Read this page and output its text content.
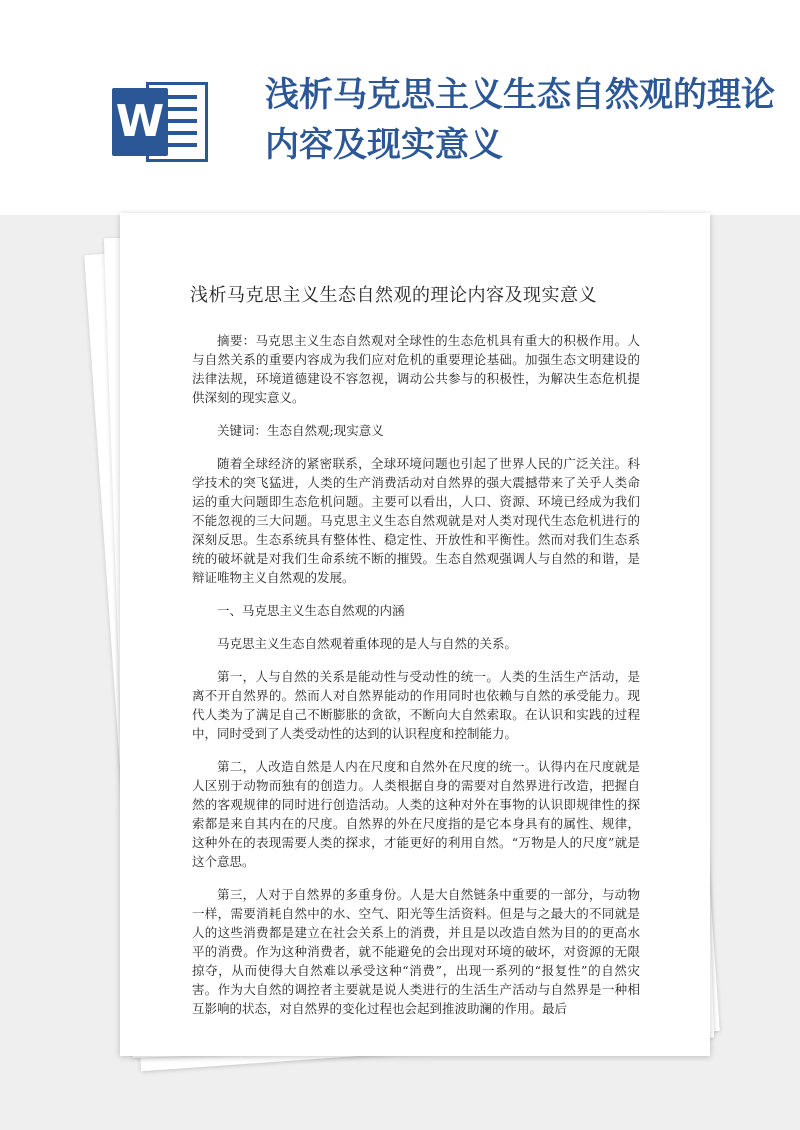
W
浅析马克思主义生态自然观的理论内容及现实意义
浅析马克思主义生态自然观的理论内容及现实意义

摘要：马克思主义生态自然观对全球性的生态危机具有重大的积极作用。人与自然关系的重要内容成为我们应对危机的重要理论基础。加强生态文明建设的法律法规，环境道德建设不容忽视，调动公共参与的积极性，为解决生态危机提供深刻的现实意义。

关键词：生态自然观;现实意义

随着全球经济的紧密联系，全球环境问题也引起了世界人民的广泛关注。科学技术的突飞猛进，人类的生产消费活动对自然界的强大震撼带来了关乎人类命运的重大问题即生态危机问题。主要可以看出，人口、资源、环境已经成为我们不能忽视的三大问题。马克思主义生态自然观就是对人类对现代生态危机进行的深刻反思。生态系统具有整体性、稳定性、开放性和平衡性。然而对我们生态系统的破坏就是对我们生命系统不断的摧毁。生态自然观强调人与自然的和谐，是辩证唯物主义自然观的发展。

一、马克思主义生态自然观的内涵

马克思主义生态自然观着重体现的是人与自然的关系。

第一，人与自然的关系是能动性与受动性的统一。人类的生活生产活动，是离不开自然界的。然而人对自然界能动的作用同时也依赖与自然的承受能力。现代人类为了满足自己不断膨胀的贪欲，不断向大自然索取。在认识和实践的过程中，同时受到了人类受动性的达到的认识程度和控制能力。

第二，人改造自然是人内在尺度和自然外在尺度的统一。认得内在尺度就是人区别于动物而独有的创造力。人类根据自身的需要对自然界进行改造，把握自然的客观规律的同时进行创造活动。人类的这种对外在事物的认识即规律性的探索都是来自其内在的尺度。自然界的外在尺度指的是它本身具有的属性、规律，这种外在的表现需要人类的探求，才能更好的利用自然。“万物是人的尺度”就是这个意思。

第三，人对于自然界的多重身份。人是大自然链条中重要的一部分，与动物一样，需要消耗自然中的水、空气、阳光等生活资料。但是与之最大的不同就是人的这些消费都是建立在社会关系上的消费，并且是以改造自然为目的的更高水平的消费。作为这种消费者，就不能避免的会出现对环境的破坏，对资源的无限掠夺，从而使得大自然难以承受这种“消费”，出现一系列的“报复性”的自然灾害。作为大自然的调控者主要就是说人类进行的生活生产活动与自然界是一种相互影响的状态，对自然界的变化过程也会起到推波助澜的作用。最后
